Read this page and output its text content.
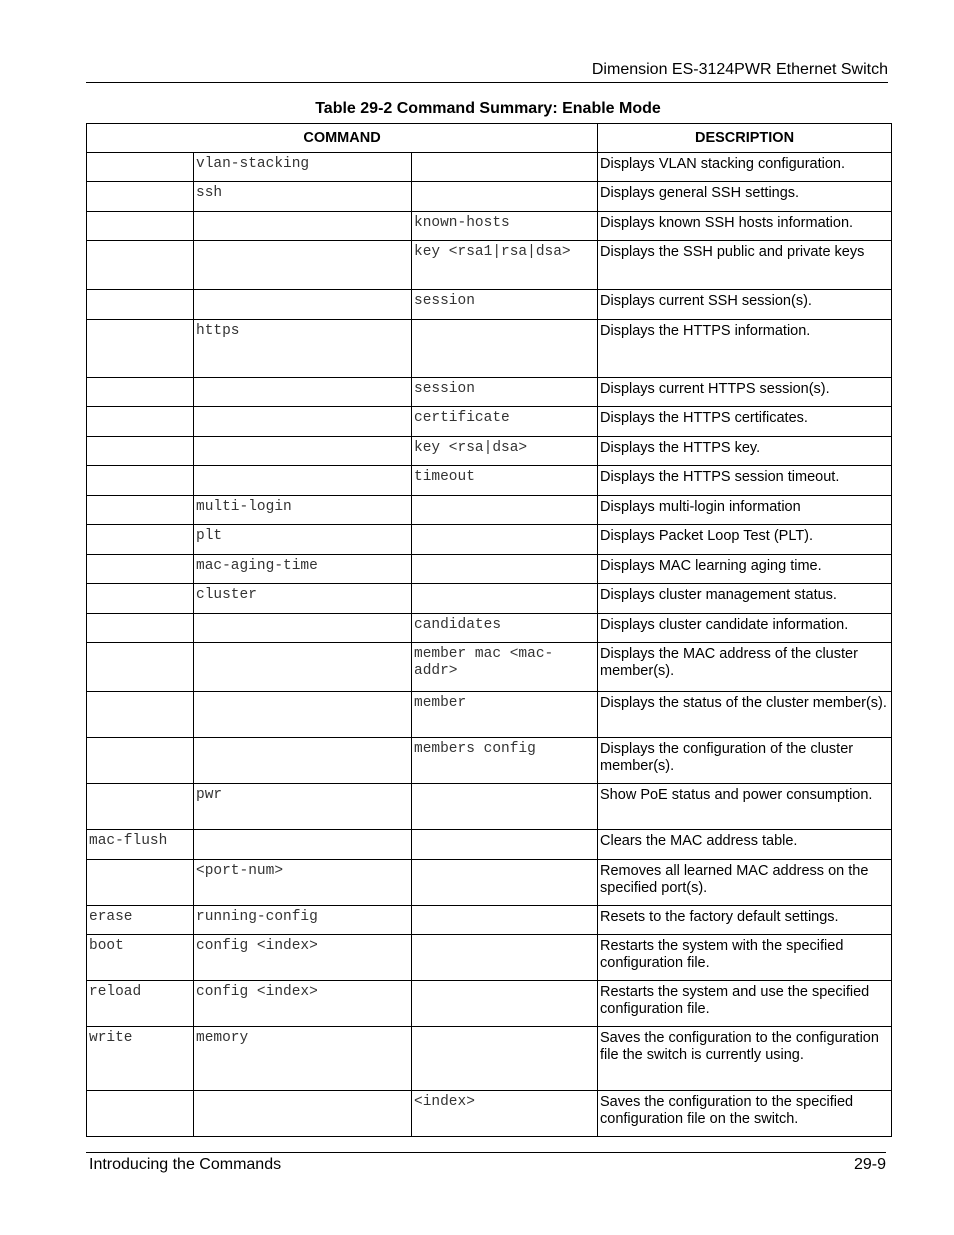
Dimension ES-3124PWR Ethernet Switch
Table 29-2 Command Summary: Enable Mode
COMMAND			DESCRIPTION
	vlan-stacking		Displays VLAN stacking configuration.
	ssh		Displays general SSH settings.
		known-hosts	Displays known SSH hosts information.
		key <rsa1|rsa|dsa>	Displays the SSH public and private keys
		session	Displays current SSH session(s).
	https		Displays the HTTPS information.
		session	Displays current HTTPS session(s).
		certificate	Displays the HTTPS certificates.
		key <rsa|dsa>	Displays the HTTPS key.
		timeout	Displays the HTTPS session timeout.
	multi-login		Displays multi-login information
	plt		Displays Packet Loop Test (PLT).
	mac-aging-time		Displays MAC learning aging time.
	cluster		Displays cluster management status.
		candidates	Displays cluster candidate information.
		member mac <mac-addr>	Displays the MAC address of the cluster member(s).
		member	Displays the status of the cluster member(s).
		members config	Displays the configuration of the cluster member(s).
	pwr		Show PoE status and power consumption.
mac-flush			Clears the MAC address table.
	<port-num>		Removes all learned MAC address on the specified port(s).
erase	running-config		Resets to the factory default settings.
boot	config <index>		Restarts the system with the specified configuration file.
reload	config <index>		Restarts the system and use the specified configuration file.
write	memory		Saves the configuration to the configuration file the switch is currently using.
		<index>	Saves the configuration to the specified configuration file on the switch.
Introducing the Commands	29-9
